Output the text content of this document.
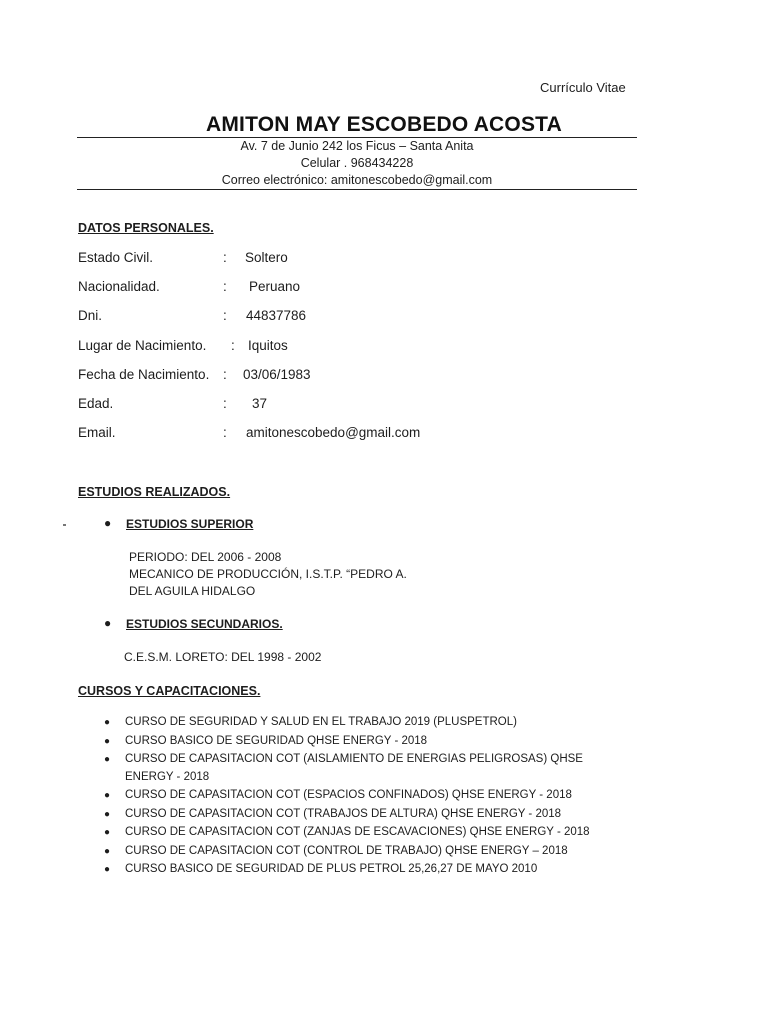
Currículo Vitae
AMITON MAY ESCOBEDO ACOSTA
Av. 7 de Junio 242 los Ficus – Santa Anita
Celular . 968434228
Correo electrónico: amitonescobedo@gmail.com
DATOS PERSONALES.
Estado Civil.	: Soltero
Nacionalidad.	: Peruano
Dni.	: 44837786
Lugar de Nacimiento. : Iquitos
Fecha de Nacimiento. : 03/06/1983
Edad.	: 37
Email.	: amitonescobedo@gmail.com
ESTUDIOS REALIZADOS.
● ESTUDIOS SUPERIOR
PERIODO: DEL 2006 - 2008
MECANICO DE PRODUCCIÓN, I.S.T.P. “PEDRO A.
DEL AGUILA HIDALGO
● ESTUDIOS SECUNDARIOS.
C.E.S.M. LORETO: DEL 1998 - 2002
CURSOS Y CAPACITACIONES.
● CURSO DE SEGURIDAD Y SALUD EN EL TRABAJO 2019 (PLUSPETROL)
● CURSO BASICO DE SEGURIDAD QHSE ENERGY - 2018
● CURSO DE CAPASITACION COT (AISLAMIENTO DE ENERGIAS PELIGROSAS) QHSE ENERGY - 2018
● CURSO DE CAPASITACION COT (ESPACIOS CONFINADOS) QHSE ENERGY - 2018
● CURSO DE CAPASITACION COT (TRABAJOS DE ALTURA) QHSE ENERGY - 2018
● CURSO DE CAPASITACION COT (ZANJAS DE ESCAVACIONES) QHSE ENERGY - 2018
● CURSO DE CAPASITACION COT (CONTROL DE TRABAJO) QHSE ENERGY – 2018
● CURSO BASICO DE SEGURIDAD DE PLUS PETROL 25,26,27 DE MAYO 2010
